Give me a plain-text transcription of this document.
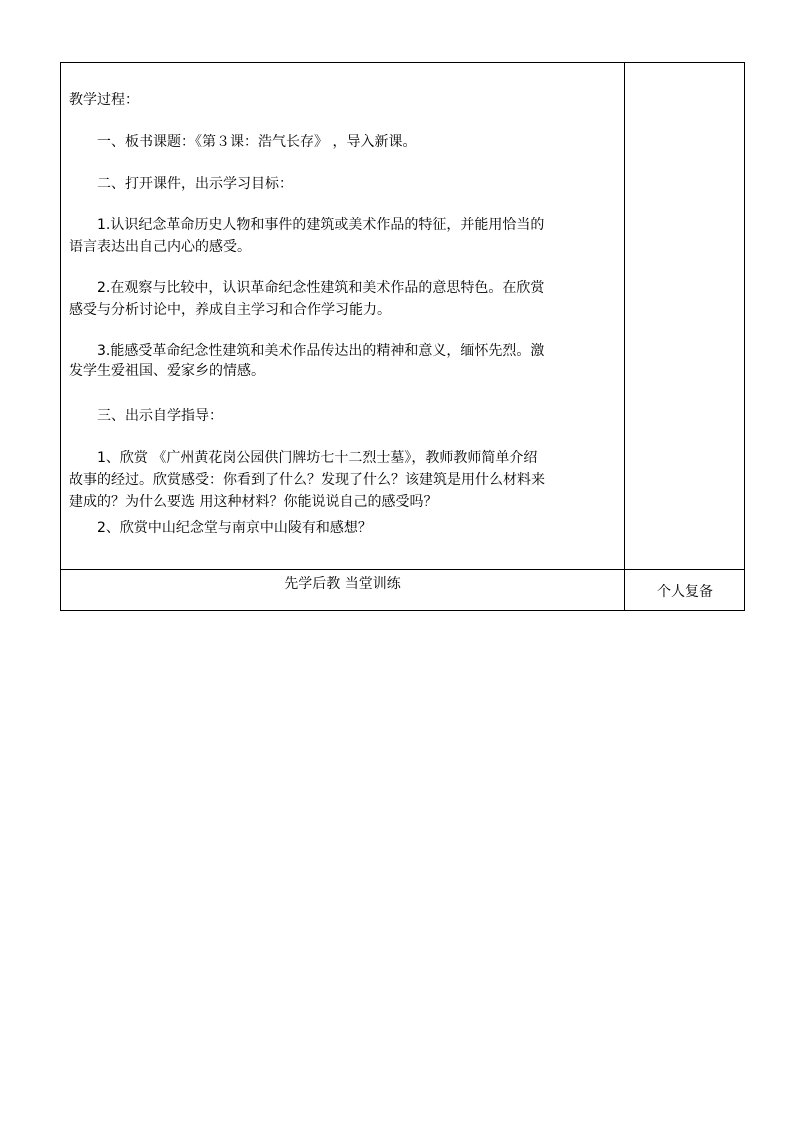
教学过程：
一、板书课题：《第３课：浩气长存》 ，导入新课。
二、打开课件，出示学习目标：
1.认识纪念革命历史人物和事件的建筑或美术作品的特征，并能用恰当的
语言表达出自己内心的感受。
2.在观察与比较中，认识革命纪念性建筑和美术作品的意思特色。在欣赏
感受与分析讨论中，养成自主学习和合作学习能力。
3.能感受革命纪念性建筑和美术作品传达出的精神和意义，缅怀先烈。激
发学生爱祖国、爱家乡的情感。
三、出示自学指导：
1、欣赏 《广州黄花岗公园供门牌坊七十二烈士墓》，教师教师简单介绍
故事的经过。欣赏感受：你看到了什么？发现了什么？该建筑是用什么材料来
建成的？为什么要选 用这种材料？你能说说自己的感受吗？
2、欣赏中山纪念堂与南京中山陵有和感想？
先学后教 当堂训练	个人复备
